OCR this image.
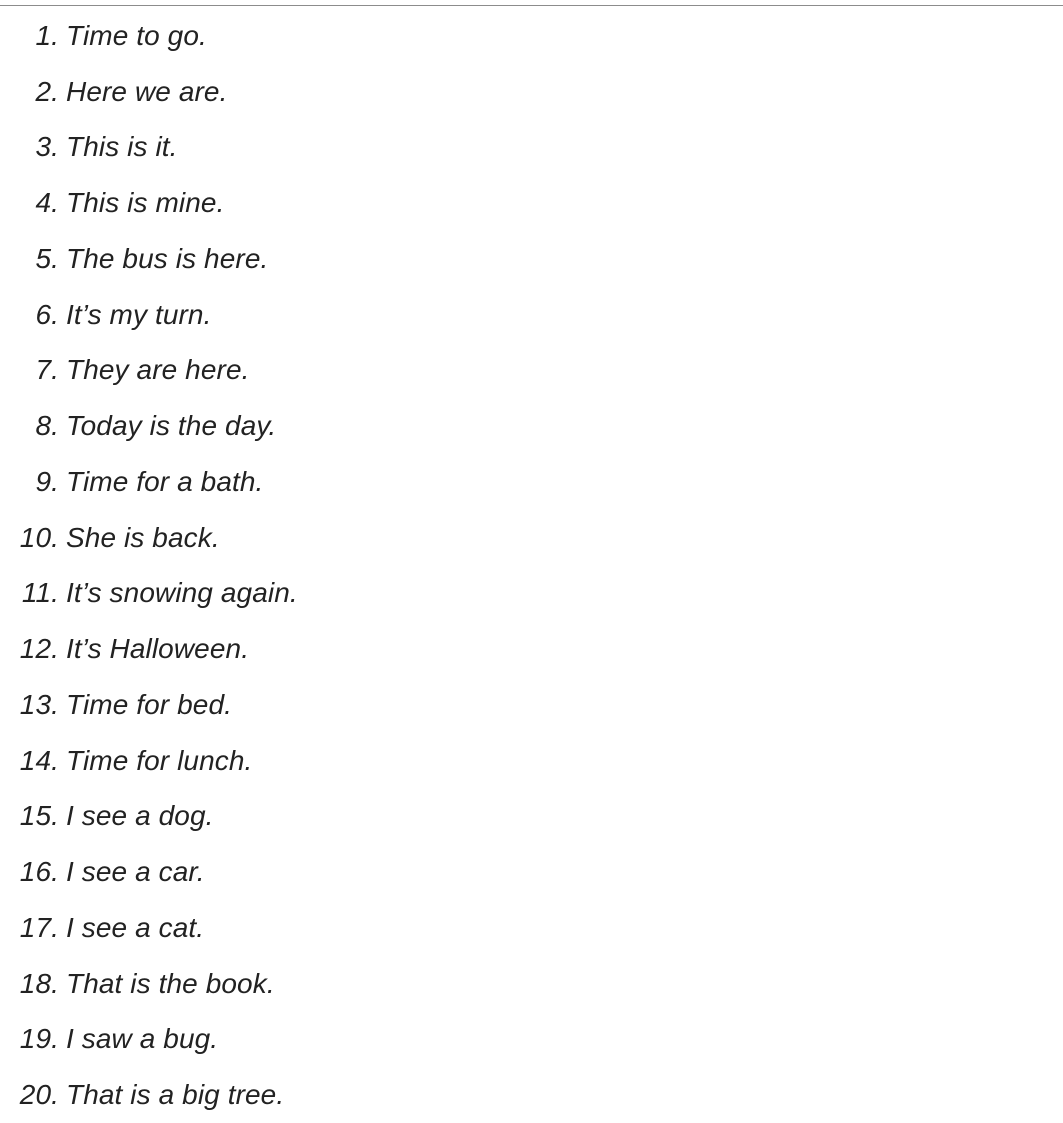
1. Time to go.
2. Here we are.
3. This is it.
4. This is mine.
5. The bus is here.
6. It’s my turn.
7. They are here.
8. Today is the day.
9. Time for a bath.
10. She is back.
11. It’s snowing again.
12. It’s Halloween.
13. Time for bed.
14. Time for lunch.
15. I see a dog.
16. I see a car.
17. I see a cat.
18. That is the book.
19. I saw a bug.
20. That is a big tree.
